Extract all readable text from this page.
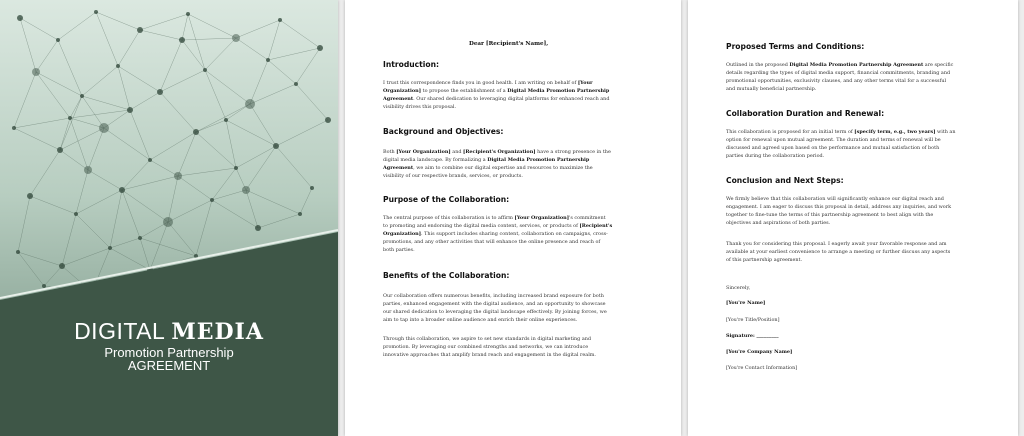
DIGITAL MEDIA
Promotion Partnership
AGREEMENT
Dear [Recipient's Name],
Introduction:
I trust this correspondence finds you in good health. I am writing on behalf of [Your
Organization] to propose the establishment of a Digital Media Promotion Partnership
Agreement. Our shared dedication to leveraging digital platforms for enhanced reach and
visibility drives this proposal.
Background and Objectives:
Both [Your Organization] and [Recipient's Organization] have a strong presence in the
digital media landscape. By formalizing a Digital Media Promotion Partnership
Agreement, we aim to combine our digital expertise and resources to maximize the
visibility of our respective brands, services, or products.
Purpose of the Collaboration:
The central purpose of this collaboration is to affirm [Your Organization]'s commitment
to promoting and endorsing the digital media content, services, or products of [Recipient's
Organization]. This support includes sharing content, collaboration on campaigns, cross-
promotions, and any other activities that will enhance the online presence and reach of
both parties.
Benefits of the Collaboration:
Our collaboration offers numerous benefits, including increased brand exposure for both
parties, enhanced engagement with the digital audience, and an opportunity to showcase
our shared dedication to leveraging the digital landscape effectively. By joining forces, we
aim to tap into a broader online audience and enrich their online experiences.
Through this collaboration, we aspire to set new standards in digital marketing and
promotion. By leveraging our combined strengths and networks, we can introduce
innovative approaches that amplify brand reach and engagement in the digital realm.
Proposed Terms and Conditions:
Outlined in the proposed Digital Media Promotion Partnership Agreement are specific
details regarding the types of digital media support, financial commitments, branding and
promotional opportunities, exclusivity clauses, and any other terms vital for a successful
and mutually beneficial partnership.
Collaboration Duration and Renewal:
This collaboration is proposed for an initial term of [specify term, e.g., two years] with an
option for renewal upon mutual agreement. The duration and terms of renewal will be
discussed and agreed upon based on the performance and mutual satisfaction of both
parties during the collaboration period.
Conclusion and Next Steps:
We firmly believe that this collaboration will significantly enhance our digital reach and
engagement. I am eager to discuss this proposal in detail, address any inquiries, and work
together to fine-tune the terms of this partnership agreement to best align with the
objectives and aspirations of both parties.
Thank you for considering this proposal. I eagerly await your favorable response and am
available at your earliest convenience to arrange a meeting or further discuss any aspects
of this partnership agreement.
Sincerely,
[You're Name]
[You're Title/Position]
Signature: _________
[You're Company Name]
[You're Contact Information]
